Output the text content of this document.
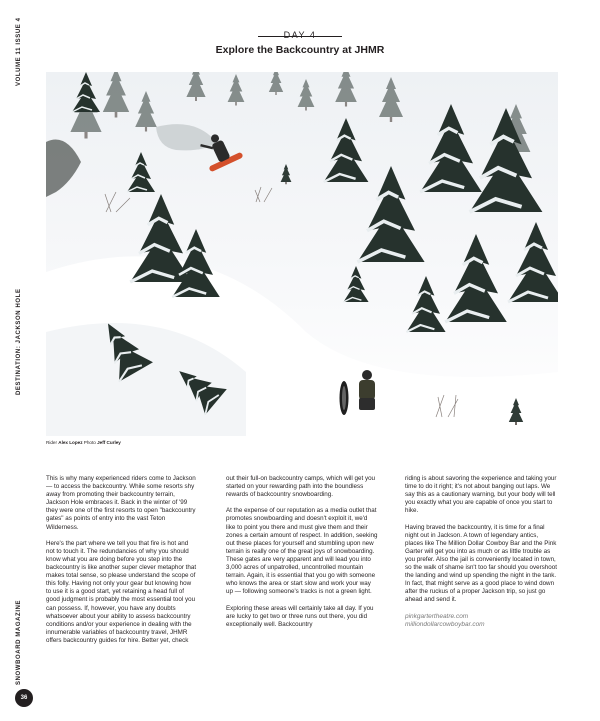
VOLUME 11 ISSUE 4
DESTINATION: JACKSON HOLE
SNOWBOARD MAGAZINE
36
DAY 4
Explore the Backcountry at JHMR
Rider Alex Lopez Photo Jeff Curley

This is why many experienced riders come to Jackson — to access the backcountry. While some resorts shy away from promoting their backcountry terrain, Jackson Hole embraces it. Back in the winter of '99 they were one of the first resorts to open "backcountry gates" as points of entry into the vast Teton Wilderness.

Here's the part where we tell you that fire is hot and not to touch it. The redundancies of why you should know what you are doing before you step into the backcountry is like another super clever metaphor that makes total sense, so please understand the scope of this folly. Having not only your gear but knowing how to use it is a good start, yet retaining a head full of good judgment is probably the most essential tool you can possess. If, however, you have any doubts whatsoever about your ability to assess backcountry conditions and/or your experience in dealing with the innumerable variables of backcountry travel, JHMR offers backcountry guides for hire. Better yet, check

out their full-on backcountry camps, which will get you started on your rewarding path into the boundless rewards of backcountry snowboarding.

At the expense of our reputation as a media outlet that promotes snowboarding and doesn't exploit it, we'd like to point you there and must give them and their zones a certain amount of respect. In addition, seeking out these places for yourself and stumbling upon new terrain is really one of the great joys of snowboarding. These gates are very apparent and will lead you into 3,000 acres of unpatrolled, uncontrolled mountain terrain. Again, it is essential that you go with someone who knows the area or start slow and work your way up — following someone's tracks is not a green light.

Exploring these areas will certainly take all day. If you are lucky to get two or three runs out there, you did exceptionally well. Backcountry

riding is about savoring the experience and taking your time to do it right; it's not about banging out laps. We say this as a cautionary warning, but your body will tell you exactly what you are capable of once you start to hike.

Having braved the backcountry, it is time for a final night out in Jackson. A town of legendary antics, places like The Million Dollar Cowboy Bar and the Pink Garter will get you into as much or as little trouble as you prefer. Also the jail is conveniently located in town, so the walk of shame isn't too far should you overshoot the landing and wind up spending the night in the tank. In fact, that might serve as a good place to wind down after the ruckus of a proper Jackson trip, so just go ahead and send it.

pinkgartertheatre.com
milliondollarcowboybar.com
